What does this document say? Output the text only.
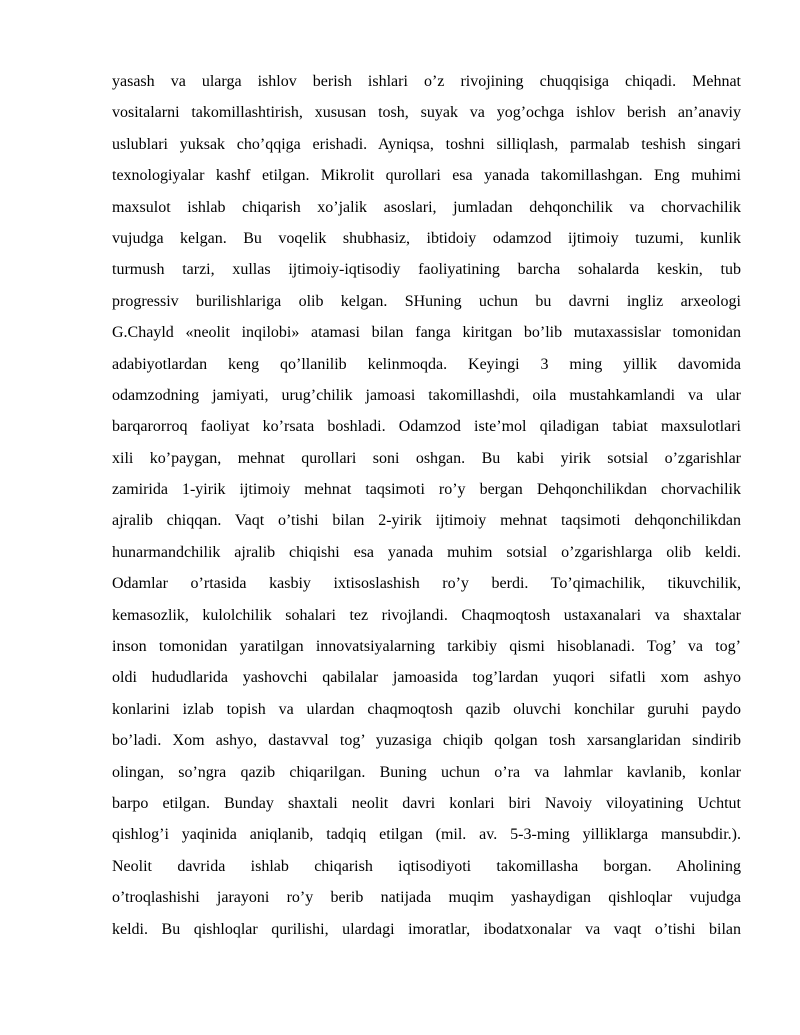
yasash va ularga ishlov berish ishlari o’z rivojining chuqqisiga chiqadi. Mehnat
vositalarni takomillashtirish, xususan tosh, suyak va yog’ochga ishlov berish an’anaviy
uslublari yuksak cho’qqiga erishadi. Ayniqsa, toshni silliqlash, parmalab teshish singari
texnologiyalar kashf etilgan. Mikrolit qurollari esa yanada takomillashgan. Eng muhimi
maxsulot ishlab chiqarish xo’jalik asoslari, jumladan dehqonchilik va chorvachilik
vujudga kelgan. Bu voqelik shubhasiz, ibtidoiy odamzod ijtimoiy tuzumi, kunlik
turmush tarzi, xullas ijtimoiy-iqtisodiy faoliyatining barcha sohalarda keskin, tub
progressiv burilishlariga olib kelgan. SHuning uchun bu davrni ingliz arxeologi
G.Chayld «neolit inqilobi» atamasi bilan fanga kiritgan bo’lib mutaxassislar tomonidan
adabiyotlardan keng qo’llanilib kelinmoqda. Keyingi 3 ming yillik davomida
odamzodning jamiyati, urug’chilik jamoasi takomillashdi, oila mustahkamlandi va ular
barqarorroq faoliyat ko’rsata boshladi. Odamzod iste’mol qiladigan tabiat maxsulotlari
xili ko’paygan, mehnat qurollari soni oshgan. Bu kabi yirik sotsial o’zgarishlar
zamirida 1-yirik ijtimoiy mehnat taqsimoti ro’y bergan Dehqonchilikdan chorvachilik
ajralib chiqqan. Vaqt o’tishi bilan 2-yirik ijtimoiy mehnat taqsimoti dehqonchilikdan
hunarmandchilik ajralib chiqishi esa yanada muhim sotsial o’zgarishlarga olib keldi.
Odamlar o’rtasida kasbiy ixtisoslashish ro’y berdi. To’qimachilik, tikuvchilik,
kemasozlik, kulolchilik sohalari tez rivojlandi. Chaqmoqtosh ustaxanalari va shaxtalar
inson tomonidan yaratilgan innovatsiyalarning tarkibiy qismi hisoblanadi. Tog’ va tog’
oldi hududlarida yashovchi qabilalar jamoasida tog’lardan yuqori sifatli xom ashyo
konlarini izlab topish va ulardan chaqmoqtosh qazib oluvchi konchilar guruhi paydo
bo’ladi. Xom ashyo, dastavval tog’ yuzasiga chiqib qolgan tosh xarsanglaridan sindirib
olingan, so’ngra qazib chiqarilgan. Buning uchun o’ra va lahmlar kavlanib, konlar
barpo etilgan. Bunday shaxtali neolit davri konlari biri Navoiy viloyatining Uchtut
qishlog’i yaqinida aniqlanib, tadqiq etilgan (mil. av. 5-3-ming yilliklarga mansubdir.).
Neolit davrida ishlab chiqarish iqtisodiyoti takomillasha borgan. Aholining
o’troqlashishi jarayoni ro’y berib natijada muqim yashaydigan qishloqlar vujudga
keldi. Bu qishloqlar qurilishi, ulardagi imoratlar, ibodatxonalar va vaqt o’tishi bilan
